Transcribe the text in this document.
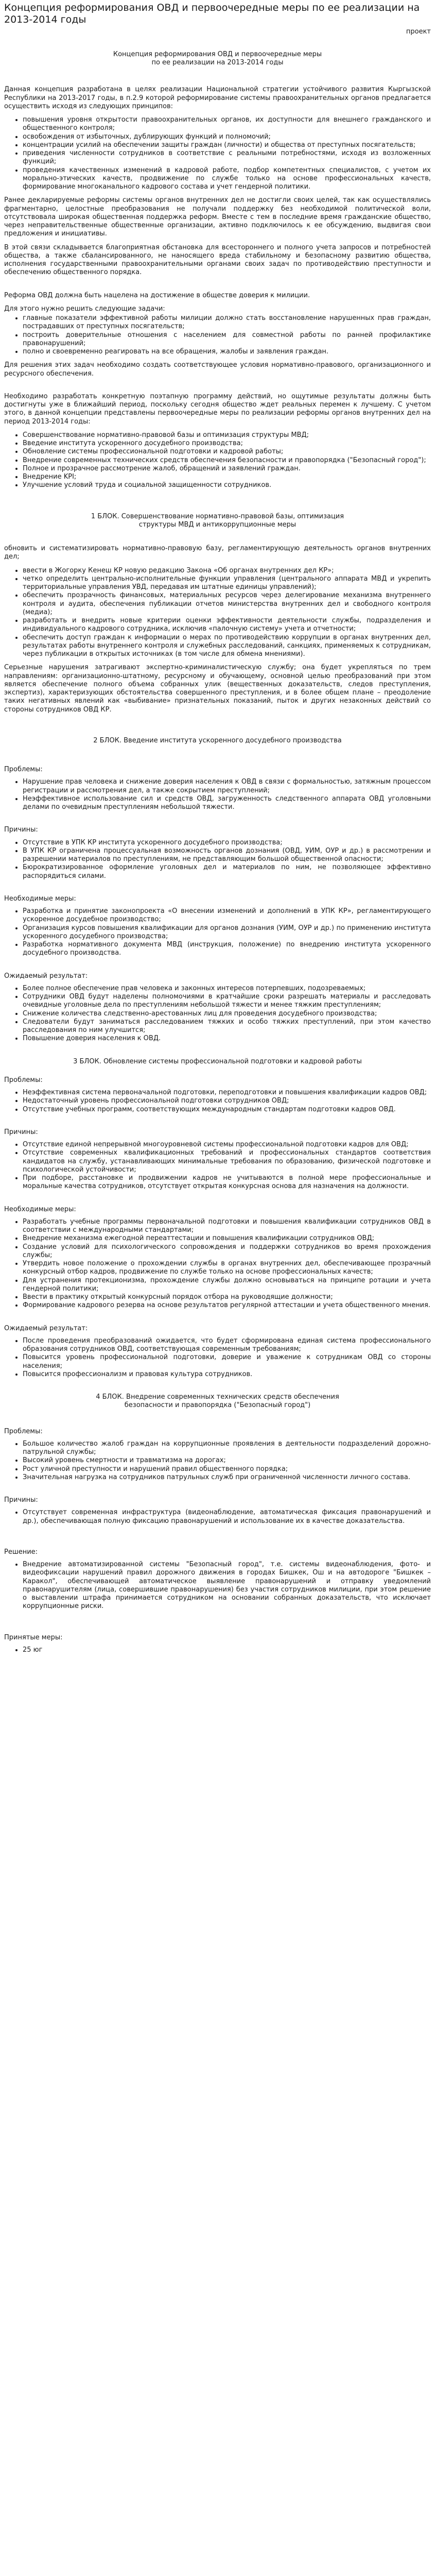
Концепция реформирования ОВД и первоочередные меры по ее реализации на 2013-2014 годы
проект
Концепция реформирования ОВД и первоочередные меры
по ее реализации на 2013-2014 годы

Данная концепция разработана в целях реализации Национальной стратегии устойчивого развития Кыргызской Республики на 2013-2017 годы, в п.2.9 которой реформирование системы правоохранительных органов предлагается осуществить исходя из следующих принципов:

• повышения уровня открытости правоохранительных органов, их доступности для внешнего гражданского и общественного контроля;
• освобождения от избыточных, дублирующих функций и полномочий;
• концентрации усилий на обеспечении защиты граждан (личности) и общества от преступных посягательств;
• приведения численности сотрудников в соответствие с реальными потребностями, исходя из возложенных функций;
• проведения качественных изменений в кадровой работе, подбор компетентных специалистов, с учетом их морально-этических качеств, продвижение по службе только на основе профессиональных качеств, формирование многоканального кадрового состава и учет гендерной политики.

Ранее декларируемые реформы системы органов внутренних дел не достигли своих целей, так как осуществлялись фрагментарно, целостные преобразования не получали поддержку без необходимой политической воли, отсутствовала широкая общественная поддержка реформ. Вместе с тем в последние время гражданские общество, через неправительственные общественные организации, активно подключилось к ее обсуждению, выдвигая свои предложения и инициативы.

В этой связи складывается благоприятная обстановка для всестороннего и полного учета запросов и потребностей общества, а также сбалансированного, не наносящего вреда стабильному и безопасному развитию общества, исполнения государственными правоохранительными органами своих задач по противодействию преступности и обеспечению общественного порядка.

Реформа ОВД должна быть нацелена на достижение в обществе доверия к милиции.

Для этого нужно решить следующие задачи:

• главные показатели эффективной работы милиции должно стать восстановление нарушенных прав граждан, пострадавших от преступных посягательств;
• построить доверительные отношения с населением для совместной работы по ранней профилактике правонарушений;
• полно и своевременно реагировать на все обращения, жалобы и заявления граждан.

Для решения этих задач необходимо создать соответствующее условия нормативно-правового, организационного и ресурсного обеспечения.

Необходимо разработать конкретную поэтапную программу действий, но ощутимые результаты должны быть достигнуты уже в ближайший период, поскольку сегодня общество ждет реальных перемен к лучшему. С учетом этого, в данной концепции представлены первоочередные меры по реализации реформы органов внутренних дел на период 2013-2014 годы:

• Совершенствование нормативно-правовой базы и оптимизация структуры МВД;
• Введение института ускоренного досудебного производства;
• Обновление системы профессиональной подготовки и кадровой работы;
• Внедрение современных технических средств обеспечения безопасности и правопорядка ("Безопасный город");
• Полное и прозрачное рассмотрение жалоб, обращений и заявлений граждан.
• Внедрение KPI;
• Улучшение условий труда и социальной защищенности сотрудников.
1 БЛОК. Совершенствование нормативно-правовой базы, оптимизация
структуры МВД и антикоррупционные меры

обновить и систематизировать нормативно-правовую базу, регламентирующую деятельность органов внутренних дел;

• ввести в Жогорку Кенеш КР новую редакцию Закона «Об органах внутренних дел КР»;
• четко определить центрально-исполнительные функции управления (центрального аппарата МВД и укрепить территориальные управления УВД, передавая им штатные единицы управлений);
• обеспечить прозрачность финансовых, материальных ресурсов через делегирование механизма внутреннего контроля и аудита, обеспечения публикации отчетов министерства внутренних дел и свободного контроля (медиа);
• разработать и внедрить новые критерии оценки эффективности деятельности службы, подразделения и индивидуального кадрового сотрудника, исключив «палочную систему» учета и отчетности;
• обеспечить доступ граждан к информации о мерах по противодействию коррупции в органах внутренних дел, результатах работы внутреннего контроля и служебных расследований, санкциях, применяемых к сотрудникам, через публикации в открытых источниках (в том числе для обмена мнениями).

Серьезные нарушения затрагивают экспертно-криминалистическую службу; она будет укрепляться по трем направлениям: организационно-штатному, ресурсному и обучающему, основной целью преобразований при этом является обеспечение полного объема собранных улик (вещественных доказательств, следов преступления, экспертиз), характеризующих обстоятельства совершенного преступления, и в более общем плане – преодоление таких негативных явлений как «выбивание» признательных показаний, пыток и других незаконных действий со стороны сотрудников ОВД КР.

2 БЛОК. Введение института ускоренного досудебного производства
Проблемы:
• Нарушение прав человека и снижение доверия населения к ОВД в связи с формальностью, затяжным процессом регистрации и рассмотрения дел, а также сокрытием преступлений;
• Неэффективное использование сил и средств ОВД, загруженность следственного аппарата ОВД уголовными делами по очевидным преступлениям небольшой тяжести.
Причины:
• Отсутствие в УПК КР института ускоренного досудебного производства;
• В УПК КР ограничена процессуальная возможность органов дознания (ОВД, УИМ, ОУР и др.) в рассмотрении и разрешении материалов по преступлениям, не представляющим большой общественной опасности;
• Бюрократизированное оформление уголовных дел и материалов по ним, не позволяющее эффективно распорядиться силами.
Необходимые меры:
• Разработка и принятие законопроекта «О внесении изменений и дополнений в УПК КР», регламентирующего ускоренное досудебное производство;
• Организация курсов повышения квалификации для органов дознания (УИМ, ОУР и др.) по применению института ускоренного досудебного производства;
• Разработка нормативного документа МВД (инструкция, положение) по внедрению института ускоренного досудебного производства.
Ожидаемый результат:
• Более полное обеспечение прав человека и законных интересов потерпевших, подозреваемых;
• Сотрудники ОВД будут наделены полномочиями в кратчайшие сроки разрешать материалы и расследовать очевидные уголовные дела по преступлениям небольшой тяжести и менее тяжким преступлениям;
• Снижение количества следственно-арестованных лиц для проведения досудебного производства;
• Следователи будут заниматься расследованием тяжких и особо тяжких преступлений, при этом качество расследования по ним улучшится;
• Повышение доверия населения к ОВД.
3 БЛОК. Обновление системы профессиональной подготовки и кадровой работы
Проблемы:
• Неэффективная система первоначальной подготовки, переподготовки и повышения квалификации кадров ОВД;
• Недостаточный уровень профессиональной подготовки сотрудников ОВД;
• Отсутствие учебных программ, соответствующих международным стандартам подготовки кадров ОВД.
Причины:
• Отсутствие единой непрерывной многоуровневой системы профессиональной подготовки кадров для ОВД;
• Отсутствие современных квалификационных требований и профессиональных стандартов соответствия кандидатов на службу, устанавливающих минимальные требования по образованию, физической подготовке и психологической устойчивости;
• При подборе, расстановке и продвижении кадров не учитываются в полной мере профессиональные и моральные качества сотрудников, отсутствует открытая конкурсная основа для назначения на должности.
Необходимые меры:
• Разработать учебные программы первоначальной подготовки и повышения квалификации сотрудников ОВД в соответствии с международными стандартами;
• Внедрение механизма ежегодной переаттестации и повышения квалификации сотрудников ОВД;
• Создание условий для психологического сопровождения и поддержки сотрудников во время прохождения службы;
• Утвердить новое положение о прохождении службы в органах внутренних дел, обеспечивающее прозрачный конкурсный отбор кадров, продвижение по службе только на основе профессиональных качеств;
• Для устранения протекционизма, прохождение службы должно основываться на принципе ротации и учета гендерной политики;
• Ввести в практику открытый конкурсный порядок отбора на руководящие должности;
• Формирование кадрового резерва на основе результатов регулярной аттестации и учета общественного мнения.
Ожидаемый результат:
• После проведения преобразований ожидается, что будет сформирована единая система профессионального образования сотрудников ОВД, соответствующая современным требованиям;
• Повысится уровень профессиональной подготовки, доверие и уважение к сотрудникам ОВД со стороны населения;
• Повысится профессионализм и правовая культура сотрудников.
4 БЛОК. Внедрение современных технических средств обеспечения
безопасности и правопорядка ("Безопасный город")
Проблемы:
• Большое количество жалоб граждан на коррупционные проявления в деятельности подразделений дорожно-патрульной службы;
• Высокий уровень смертности и травматизма на дорогах;
• Рост уличной преступности и нарушений правил общественного порядка;
• Значительная нагрузка на сотрудников патрульных служб при ограниченной численности личного состава.
Причины:
• Отсутствует современная инфраструктура (видеонаблюдение, автоматическая фиксация правонарушений и др.), обеспечивающая полную фиксацию правонарушений и использование их в качестве доказательства.
Решение:
• Внедрение автоматизированной системы "Безопасный город", т.е. системы видеонаблюдения, фото- и видеофиксации нарушений правил дорожного движения в городах Бишкек, Ош и на автодороге "Бишкек – Каракол", обеспечивающей автоматическое выявление правонарушений и отправку уведомлений правонарушителям (лица, совершившие правонарушения) без участия сотрудников милиции, при этом решение о выставлении штрафа принимается сотрудником на основании собранных доказательств, что исключает коррупционные риски.
Принятые меры:
• 25 юг
